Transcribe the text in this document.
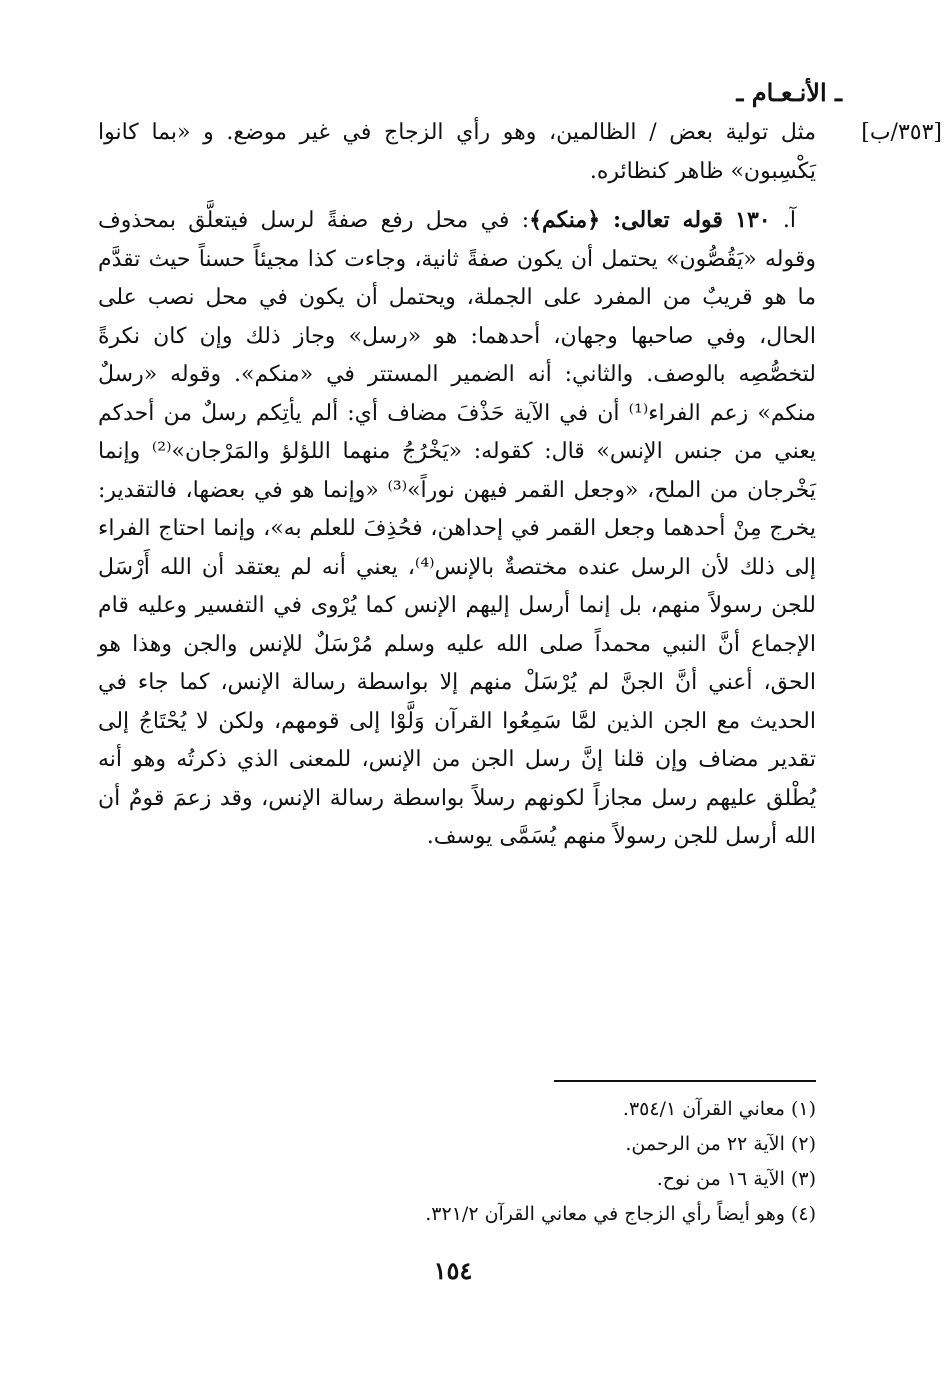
ـ الأنـعـام ـ
[٣٥٣/ب]

مثل تولية بعض / الظالمين، وهو رأي الزجاج في غير موضع. و «بما كانوا يَكْسِبون» ظاهر كنظائره.

آ. ١٣٠ قوله تعالى: ﴿منكم﴾: في محل رفع صفةً لرسل فيتعلَّق بمحذوف وقوله «يَقُصُّون» يحتمل أن يكون صفةً ثانية، وجاءت كذا مجيئاً حسناً حيث تقدَّم ما هو قريبٌ من المفرد على الجملة، ويحتمل أن يكون في محل نصب على الحال، وفي صاحبها وجهان، أحدهما: هو «رسل» وجاز ذلك وإن كان نكرةً لتخصُّصِه بالوصف. والثاني: أنه الضمير المستتر في «منكم». وقوله «رسلٌ منكم» زعم الفراء⁽¹⁾ أن في الآية حَذْفَ مضاف أي: ألم يأتِكم رسلٌ من أحدكم يعني من جنس الإنس» قال: كقوله: «يَخْرُجُ منهما اللؤلؤ والمَرْجان»⁽²⁾ وإنما يَخْرجان من الملح، «وجعل القمر فيهن نوراً»⁽³⁾ «وإنما هو في بعضها، فالتقدير: يخرج مِنْ أحدهما وجعل القمر في إحداهن، فحُذِفَ للعلم به»، وإنما احتاج الفراء إلى ذلك لأن الرسل عنده مختصةٌ بالإنس⁽⁴⁾، يعني أنه لم يعتقد أن الله أَرْسَل للجن رسولاً منهم، بل إنما أرسل إليهم الإنس كما يُرْوى في التفسير وعليه قام الإجماع أنَّ النبي محمداً صلى الله عليه وسلم مُرْسَلٌ للإنس والجن وهذا هو الحق، أعني أنَّ الجنَّ لم يُرْسَلْ منهم إلا بواسطة رسالة الإنس، كما جاء في الحديث مع الجن الذين لمَّا سَمِعُوا القرآن وَلَّوْا إلى قومهم، ولكن لا يُحْتَاجُ إلى تقدير مضاف وإن قلنا إنَّ رسل الجن من الإنس، للمعنى الذي ذكرتُه وهو أنه يُطْلق عليهم رسل مجازاً لكونهم رسلاً بواسطة رسالة الإنس، وقد زعمَ قومٌ أن الله أرسل للجن رسولاً منهم يُسَمَّى يوسف.

(١) معاني القرآن ٣٥٤/١.
(٢) الآية ٢٢ من الرحمن.
(٣) الآية ١٦ من نوح.
(٤) وهو أيضاً رأي الزجاج في معاني القرآن ٣٢١/٢.
١٥٤
